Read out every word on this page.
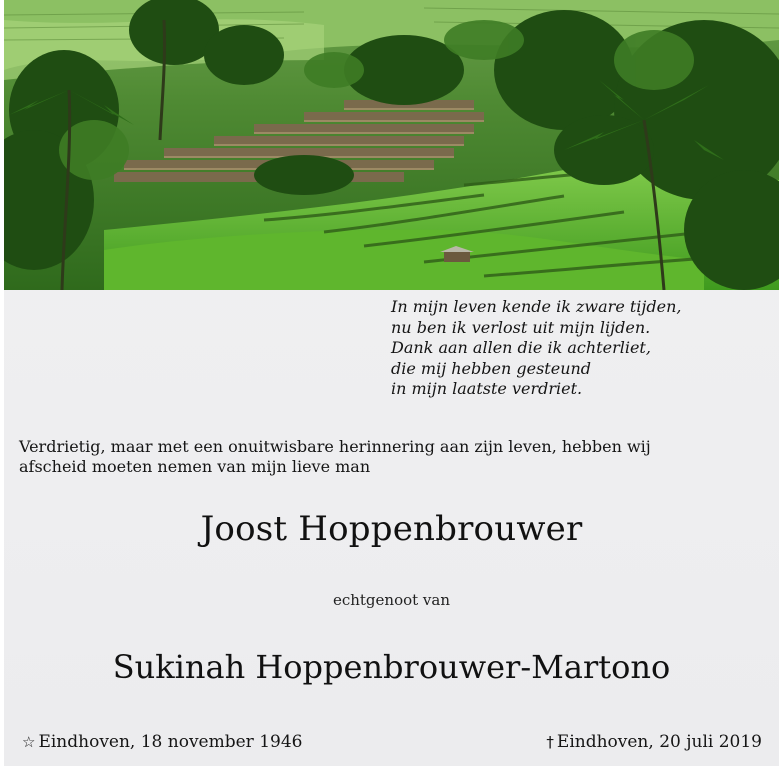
In mijn leven kende ik zware tijden,
nu ben ik verlost uit mijn lijden.
Dank aan allen die ik achterliet,
die mij hebben gesteund
in mijn laatste verdriet.
Verdrietig, maar met een onuitwisbare herinnering aan zijn leven, hebben wij
afscheid moeten nemen van mijn lieve man
Joost Hoppenbrouwer
echtgenoot van
Sukinah Hoppenbrouwer-Martono
☆ Eindhoven, 18 november 1946	† Eindhoven, 20 juli 2019
